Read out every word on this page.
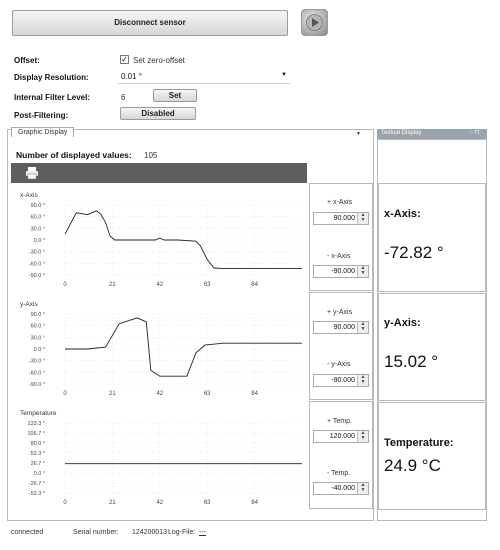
Disconnect sensor
Offset:	✓ Set zero-offset
Display Resolution:	0.01 °	▼
Internal Filter Level:	6	Set
Post-Filtering:	Disabled
Graphic Display	▼
Number of displayed values: 105
x-Axis
90.0 °
60.0 °
30.0 °
0.0 °
-30.0 °
-60.0 °
-90.0 °
0	21	42	63	84
y-Axis
90.0 °
60.0 °
30.0 °
0.0 °
-30.0 °
-60.0 °
-90.0 °
0	21	42	63	84
Temperature
133.3 °
106.7 °
80.0 °
53.3 °
26.7 °
0.0 °
-26.7 °
-53.3 °
0	21	42	63	84
+ x-Axis
90.000	▲
▼
- x-Axis
-90.000	▲
▼
+ y-Axis
90.000	▲
▼
- y-Axis
-90.000	▲
▼
+ Temp.
120.000	▲
▼
- Temp.
-40.000	▲
▼
Textual Display	- ⊓
x-Axis:
-72.82 °
y-Axis:
15.02 °
Temperature:
24.9 °C
connected	Serial number: 124200013 Log-File: ---
